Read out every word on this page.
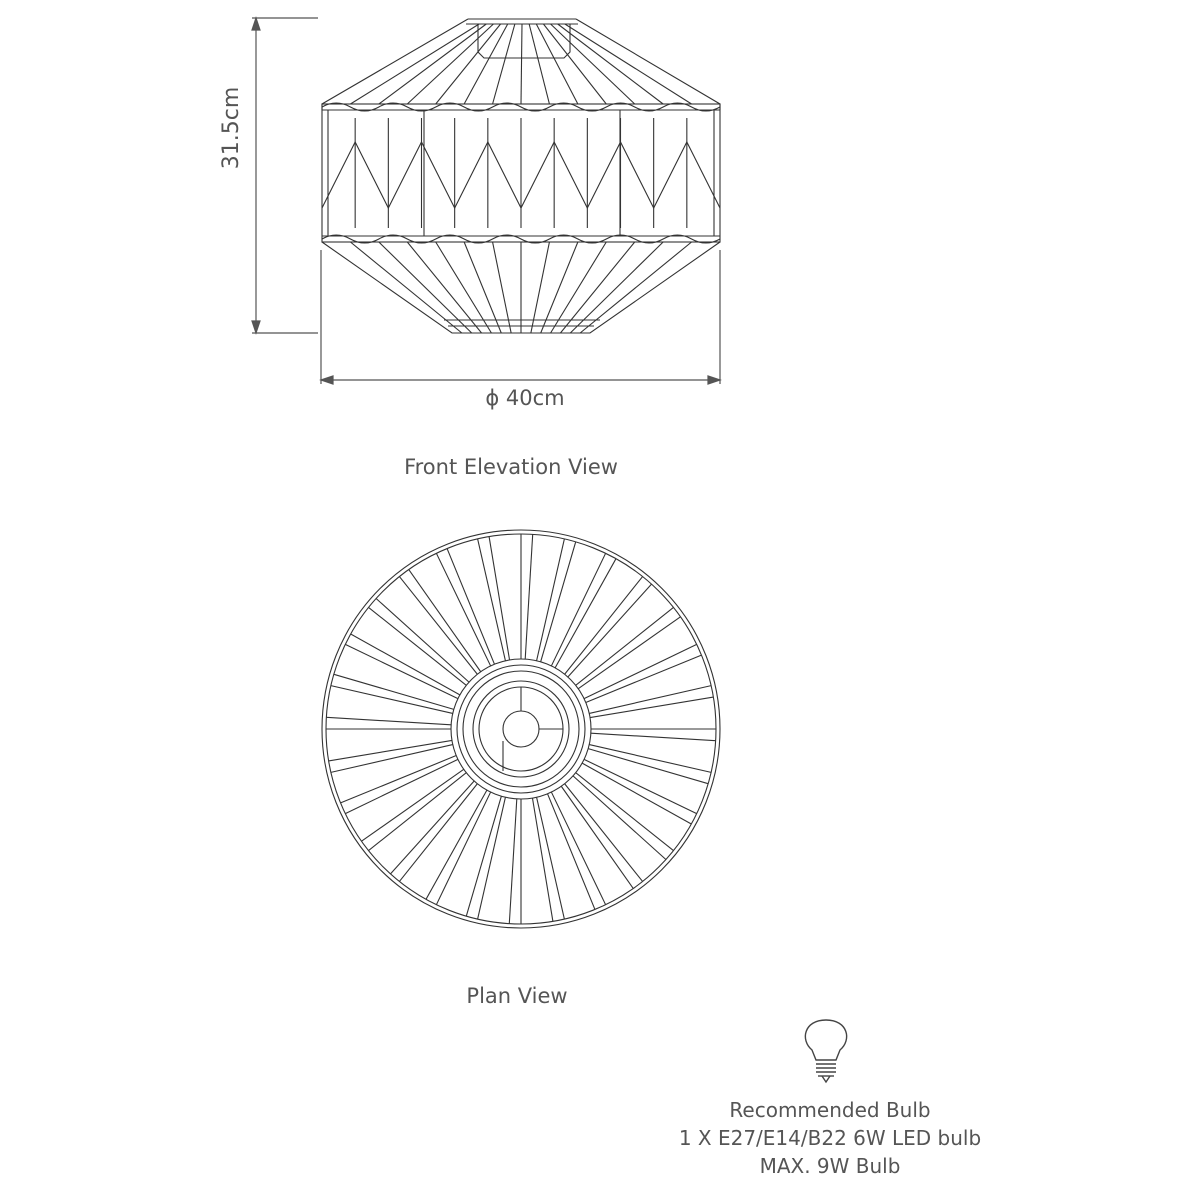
31.5cm
ϕ 40cm
Front Elevation View
Plan View
Recommended Bulb
1 X E27/E14/B22 6W LED bulb
MAX. 9W Bulb
